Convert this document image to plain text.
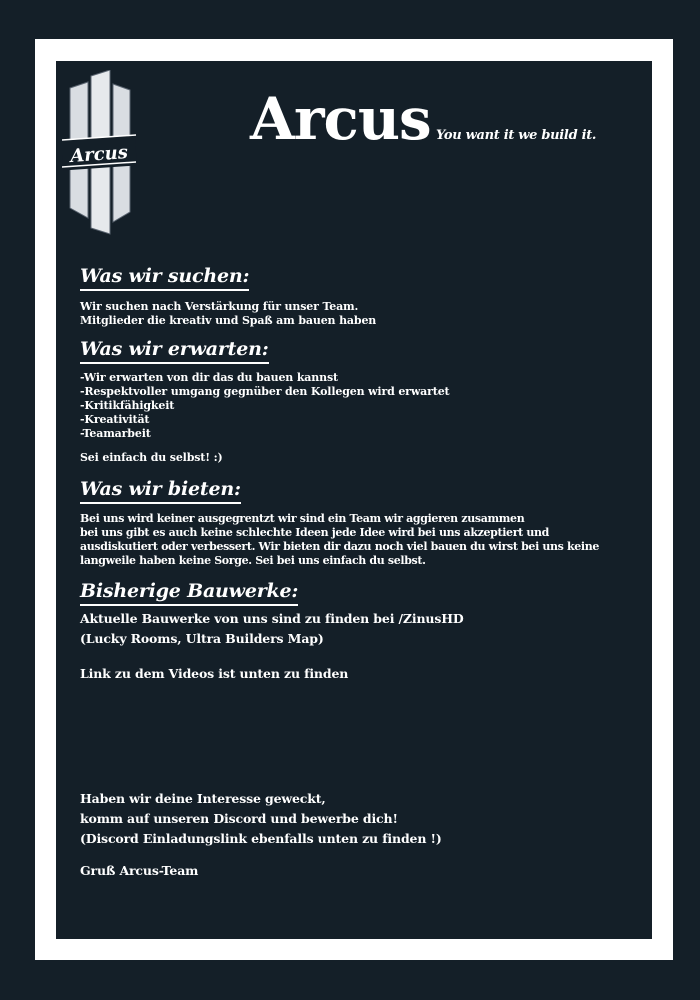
Arcus
Arcus You want it we build it.
Was wir suchen:
Wir suchen nach Verstärkung für unser Team.
Mitglieder die kreativ und Spaß am bauen haben
Was wir erwarten:
-Wir erwarten von dir das du bauen kannst
-Respektvoller umgang gegnüber den Kollegen wird erwartet
-Kritikfähigkeit
-Kreativität
-Teamarbeit
Sei einfach du selbst! :)
Was wir bieten:
Bei uns wird keiner ausgegrentzt wir sind ein Team wir aggieren zusammen
bei uns gibt es auch keine schlechte Ideen jede Idee wird bei uns akzeptiert und
ausdiskutiert oder verbessert. Wir bieten dir dazu noch viel bauen du wirst bei uns keine
langweile haben keine Sorge. Sei bei uns einfach du selbst.
Bisherige Bauwerke:
Aktuelle Bauwerke von uns sind zu finden bei /ZinusHD
(Lucky Rooms, Ultra Builders Map)
Link zu dem Videos ist unten zu finden
Haben wir deine Interesse geweckt,
komm auf unseren Discord und bewerbe dich!
(Discord Einladungslink ebenfalls unten zu finden !)
Gruß Arcus-Team
